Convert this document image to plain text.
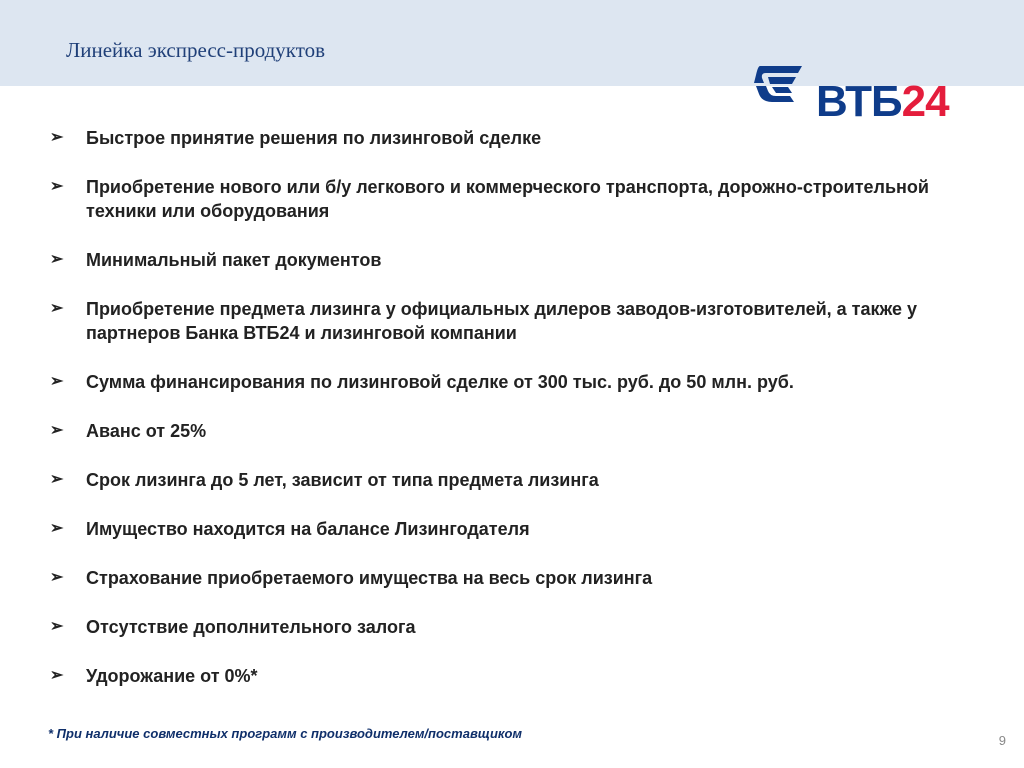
Линейка экспресс-продуктов
ВТБ24
➢	Быстрое принятие решения по лизинговой сделке
➢	Приобретение нового или б/у легкового и коммерческого транспорта, дорожно-строительной техники или оборудования
➢	Минимальный пакет документов
➢	Приобретение предмета лизинга у официальных дилеров заводов-изготовителей, а также у партнеров Банка ВТБ24 и лизинговой компании
➢	Сумма финансирования по лизинговой сделке от 300 тыс. руб. до 50 млн. руб.
➢	Аванс от 25%
➢	Срок лизинга до 5 лет, зависит от типа предмета лизинга
➢	Имущество находится на балансе Лизингодателя
➢	Страхование приобретаемого имущества на весь срок лизинга
➢	Отсутствие дополнительного залога
➢	Удорожание от 0%*
* При наличие совместных программ с производителем/поставщиком	9
